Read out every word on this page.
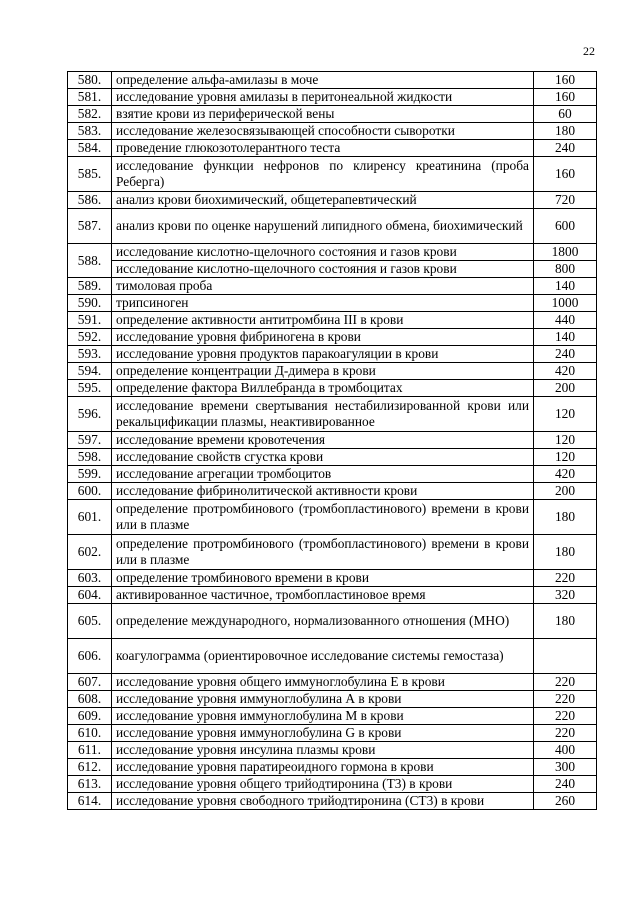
22
580.	определение альфа-амилазы в моче	160
581.	исследование уровня амилазы в перитонеальной жидкости	160
582.	взятие крови из периферической вены	60
583.	исследование железосвязывающей способности сыворотки	180
584.	проведение глюкозотолерантного теста	240
585.	исследование функции нефронов по клиренсу креатинина (проба Реберга)	160
586.	анализ крови биохимический, общетерапевтический	720
587.	анализ крови по оценке нарушений липидного обмена, биохимический	600
588.	исследование кислотно-щелочного состояния и газов крови	1800
	исследование кислотно-щелочного состояния и газов крови	800
589.	тимоловая проба	140
590.	трипсиноген	1000
591.	определение активности антитромбина III в крови	440
592.	исследование уровня фибриногена в крови	140
593.	исследование уровня продуктов паракоагуляции в крови	240
594.	определение концентрации Д-димера в крови	420
595.	определение фактора Виллебранда в тромбоцитах	200
596.	исследование времени свертывания нестабилизированной крови или рекальцификации плазмы, неактивированное	120
597.	исследование времени кровотечения	120
598.	исследование свойств сгустка крови	120
599.	исследование агрегации тромбоцитов	420
600.	исследование фибринолитической активности крови	200
601.	определение протромбинового (тромбопластинового) времени в крови или в плазме	180
602.	определение протромбинового (тромбопластинового) времени в крови или в плазме	180
603.	определение тромбинового времени в крови	220
604.	активированное частичное, тромбопластиновое время	320
605.	определение международного, нормализованного отношения (МНО)	180
606.	коагулограмма (ориентировочное исследование системы гемостаза)	
607.	исследование уровня общего иммуноглобулина Е в крови	220
608.	исследование уровня иммуноглобулина А в крови	220
609.	исследование уровня иммуноглобулина М в крови	220
610.	исследование уровня иммуноглобулина G в крови	220
611.	исследование уровня инсулина плазмы крови	400
612.	исследование уровня паратиреоидного гормона в крови	300
613.	исследование уровня общего трийодтиронина (Т3) в крови	240
614.	исследование уровня свободного трийодтиронина (СТ3) в крови	260
